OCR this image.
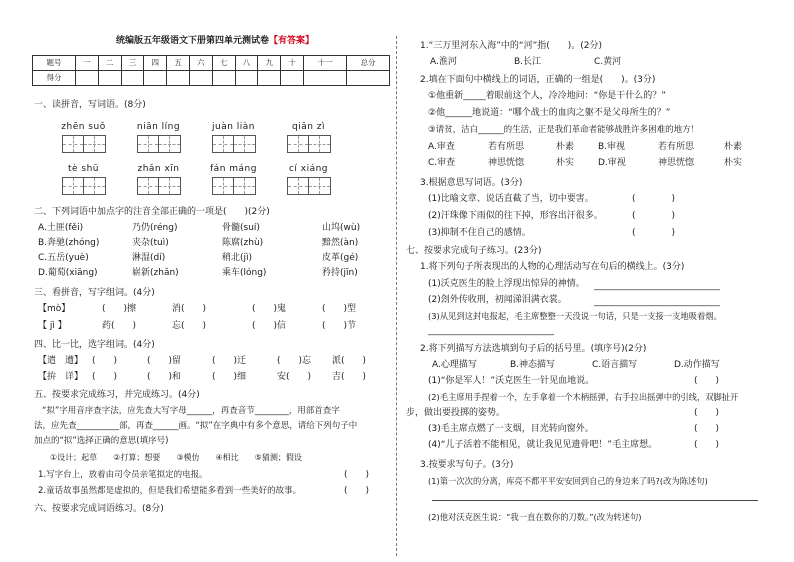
统编版五年级语文下册第四单元测试卷【有答案】
题号	一	二	三	四	五	六	七	八	九	十	十一	总分
得分												
一、读拼音，写词语。(8分)
zhēn suǒ	niān líng	juàn liàn	qiān zì
tè shū	zhǎn xīn	fán máng	cí xiáng
二、下列词语中加点字的注音全部正确的一项是(　　)(2分)
A.土匪(fěi)	乃仍(réng)	骨髓(suí)	山坞(wù)
B.奔驰(zhóng)	夹杂(tuì)	陈腐(zhù)	黯然(àn)
C.五岳(yuè)	淋湿(dí)	稍北(jì)	皮革(gé)
D.葡萄(xiāng)	崭新(zhǎn)	乘车(lóng)	矜持(jīn)
三、看拼音，写字组词。(4分)
【mò】	(　　)擦	消(　　)	(　　)鬼	(　　)型
【 jì 】	药(　　)	忘(　　)	(　　)信	(　　)节
四、比一比，选字组词。(4分)
【遣　遭】 (　　)	(　　)留	(　　)迁	(　　)忘 派(　　)
【拚　详】 (　　)	(　　)和	(　　)细	安(　　) 吉(　　)
五、按要求完成练习，并完成练习。(4分)
“拟”字用音序查字法，应先查大写字母______，再查音节________，用部首查字
法，应先查__________部，再查______画。“拟”在字典中有多个意思，请给下列句子中
加点的“拟”选择正确的意思(填序号)
①设计；起草　　②打算；想要　　③模仿　　④相比　　⑤猜测；假设
1.写字台上，放着由司令员亲笔拟定的电报。	(　　)
2.童话故事虽然都是虚拟的，但是我们希望能多看到一些美好的故事。	(　　)
六、按要求完成词语练习。(8分)
1.“三万里河东入海”中的“河”指(　　)。(2分)
A.淮河	B.长江	C.黄河
2.填在下面句中横线上的词语，正确的一组是(　　)。(3分)
①他重新_____着眼前这个人，冷冷地问：“你是干什么的？”
②他______地说道：“哪个战士的血肉之躯不是父母所生的？”
③请贫，洁白______的生活，正是我们革命者能够战胜许多困难的地方！
A.审查	若有所思	朴素	B.审视	若有所思	朴素
C.审查	神思恍惚	朴实	D.审视	神思恍惚	朴实
3.根据意思写词语。(3分)
(1)比喻文章、说话直截了当，切中要害。	(　　　　)
(2)汗珠像下雨似的往下掉，形容出汗很多。	(　　　　)
(3)抑制不住自己的感情。	(　　　　)
七、按要求完成句子练习。(23分)
1.将下列句子所表现出的人物的心理活动写在句后的横线上。(3分)
(1)沃克医生的脸上浮现出惊异的神情。 ____________________________
(2)刽外传收刑，初闻涕泪满衣裳。	____________________________
(3)从见到这封电报起，毛主席整整一天没说一句话，只是一支接一支地吸着烟。
____________________________
2.将下列描写方法选填到句子后的括号里。(填序号)(2分)
A.心理描写	B.神态描写	C.语言描写	D.动作描写
(1)“你是军人！”沃克医生一针见血地说。	(　　)
(2)毛主席用手捏着一个，左手拿着一个木柄摇弹，右手拉出摇弹中的引线，双脚扯开
步，做出要投掷的姿势。	(　　)
(3)毛主席点燃了一支烟，目光转向窗外。	(　　)
(4)“儿子活着不能相见，就让我见见遗骨吧！”毛主席想。	(　　)
3.按要求写句子。(3分)
(1)第一次次的分离，库亮不都平平安安回到自己的身边来了吗?(改为陈述句)
(2)他对沃克医生说：“我一直在数你的刀数。”(改为转述句)
